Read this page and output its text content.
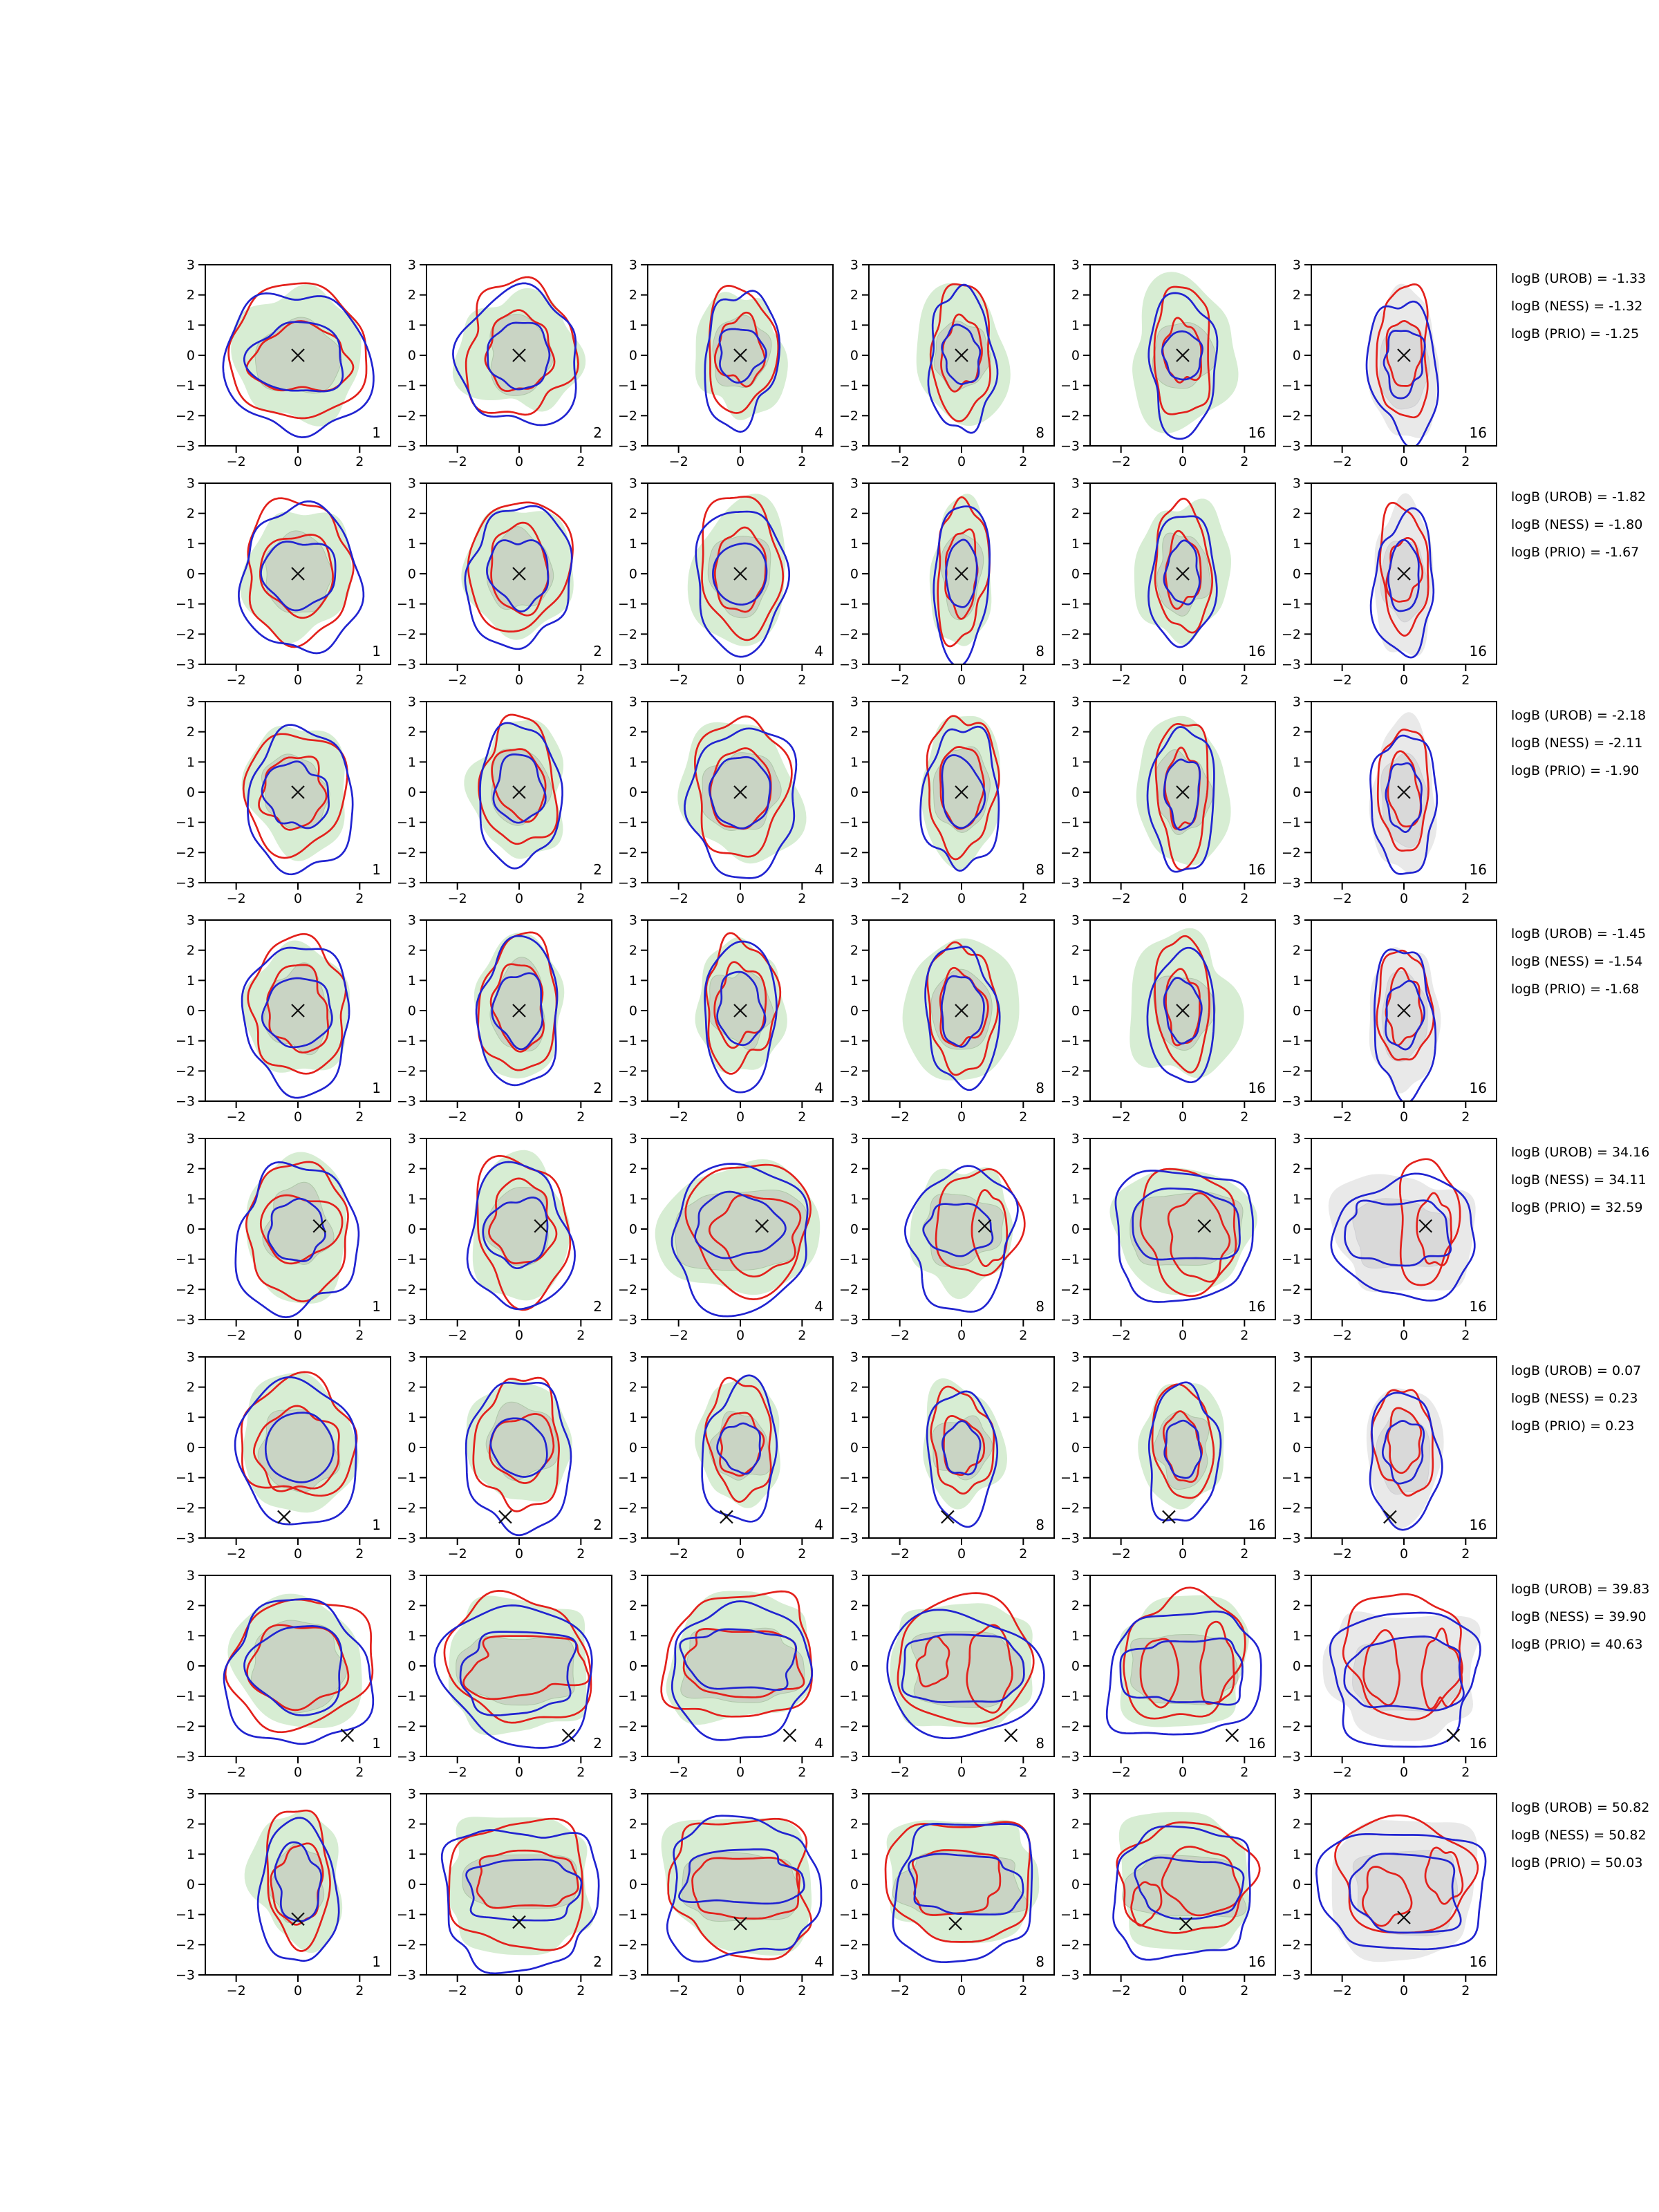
3
2
1
0
−1
−2
−3
−2	0	2
1
3
2
1
0
−1
−2
−3
−2	0	2
2
3
2
1
0
−1
−2
−3
−2	0	2
4
3
2
1
0
−1
−2
−3
−2	0	2
8
3
2
1
0
−1
−2
−3
−2	0	2
16
3
2
1
0
−1
−2
−3
−2	0	2
16
3
2
1
0
−1
−2
−3
−2	0	2
1
3
2
1
0
−1
−2
−3
−2	0	2
2
3
2
1
0
−1
−2
−3
−2	0	2
4
3
2
1
0
−1
−2
−3
−2	0	2
8
3
2
1
0
−1
−2
−3
−2	0	2
16
3
2
1
0
−1
−2
−3
−2	0	2
16
3
2
1
0
−1
−2
−3
−2	0	2
1
3
2
1
0
−1
−2
−3
−2	0	2
2
3
2
1
0
−1
−2
−3
−2	0	2
4
3
2
1
0
−1
−2
−3
−2	0	2
8
3
2
1
0
−1
−2
−3
−2	0	2
16
3
2
1
0
−1
−2
−3
−2	0	2
16
3
2
1
0
−1
−2
−3
−2	0	2
1
3
2
1
0
−1
−2
−3
−2	0	2
2
3
2
1
0
−1
−2
−3
−2	0	2
4
3
2
1
0
−1
−2
−3
−2	0	2
8
3
2
1
0
−1
−2
−3
−2	0	2
16
3
2
1
0
−1
−2
−3
−2	0	2
16
3
2
1
0
−1
−2
−3
−2	0	2
1
3
2
1
0
−1
−2
−3
−2	0	2
2
3
2
1
0
−1
−2
−3
−2	0	2
4
3
2
1
0
−1
−2
−3
−2	0	2
8
3
2
1
0
−1
−2
−3
−2	0	2
16
3
2
1
0
−1
−2
−3
−2	0	2
16
3
2
1
0
−1
−2
−3
−2	0	2
1
3
2
1
0
−1
−2
−3
−2	0	2
2
3
2
1
0
−1
−2
−3
−2	0	2
4
3
2
1
0
−1
−2
−3
−2	0	2
8
3
2
1
0
−1
−2
−3
−2	0	2
16
3
2
1
0
−1
−2
−3
−2	0	2
16
3
2
1
0
−1
−2
−3
−2	0	2
1
3
2
1
0
−1
−2
−3
−2	0	2
2
3
2
1
0
−1
−2
−3
−2	0	2
4
3
2
1
0
−1
−2
−3
−2	0	2
8
3
2
1
0
−1
−2
−3
−2	0	2
16
3
2
1
0
−1
−2
−3
−2	0	2
16
3
2
1
0
−1
−2
−3
−2	0	2
1
3
2
1
0
−1
−2
−3
−2	0	2
2
3
2
1
0
−1
−2
−3
−2	0	2
4
3
2
1
0
−1
−2
−3
−2	0	2
8
3
2
1
0
−1
−2
−3
−2	0	2
16
3
2
1
0
−1
−2
−3
−2	0	2
16
logB (UROB) = -1.33
logB (NESS) = -1.32
logB (PRIO) = -1.25
logB (UROB) = -1.82
logB (NESS) = -1.80
logB (PRIO) = -1.67
logB (UROB) = -2.18
logB (NESS) = -2.11
logB (PRIO) = -1.90
logB (UROB) = -1.45
logB (NESS) = -1.54
logB (PRIO) = -1.68
logB (UROB) = 34.16
logB (NESS) = 34.11
logB (PRIO) = 32.59
logB (UROB) = 0.07
logB (NESS) = 0.23
logB (PRIO) = 0.23
logB (UROB) = 39.83
logB (NESS) = 39.90
logB (PRIO) = 40.63
logB (UROB) = 50.82
logB (NESS) = 50.82
logB (PRIO) = 50.03
